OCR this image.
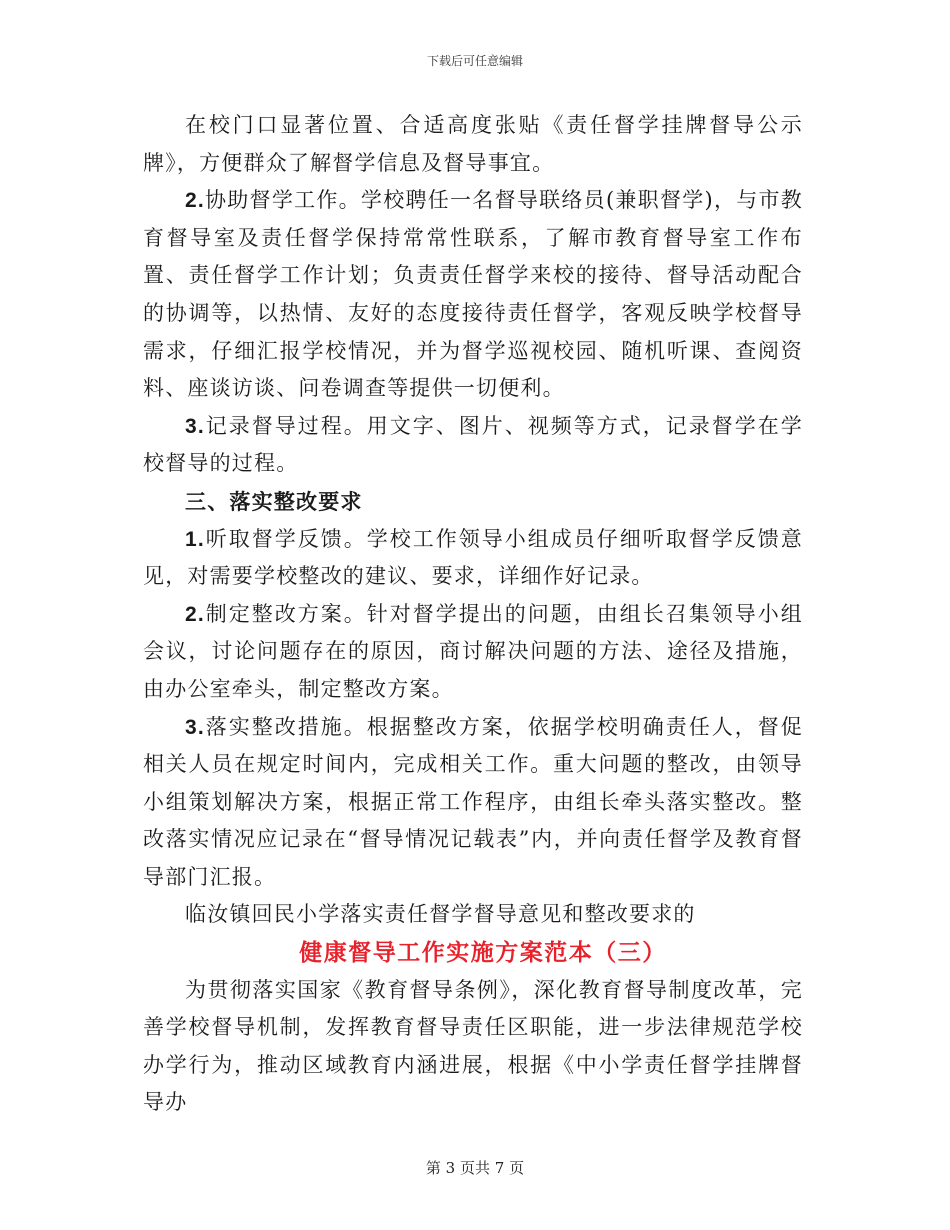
下载后可任意编辑

在校门口显著位置、合适高度张贴《责任督学挂牌督导公示牌》，方便群众了解督学信息及督导事宜。

2.协助督学工作。学校聘任一名督导联络员(兼职督学)，与市教育督导室及责任督学保持常常性联系，了解市教育督导室工作布置、责任督学工作计划；负责责任督学来校的接待、督导活动配合的协调等，以热情、友好的态度接待责任督学，客观反映学校督导需求，仔细汇报学校情况，并为督学巡视校园、随机听课、查阅资料、座谈访谈、问卷调查等提供一切便利。

3.记录督导过程。用文字、图片、视频等方式，记录督学在学校督导的过程。

三、落实整改要求

1.听取督学反馈。学校工作领导小组成员仔细听取督学反馈意见，对需要学校整改的建议、要求，详细作好记录。

2.制定整改方案。针对督学提出的问题，由组长召集领导小组会议，讨论问题存在的原因，商讨解决问题的方法、途径及措施，由办公室牵头，制定整改方案。

3.落实整改措施。根据整改方案，依据学校明确责任人，督促相关人员在规定时间内，完成相关工作。重大问题的整改，由领导小组策划解决方案，根据正常工作程序，由组长牵头落实整改。整改落实情况应记录在“督导情况记载表”内，并向责任督学及教育督导部门汇报。

临汝镇回民小学落实责任督学督导意见和整改要求的

健康督导工作实施方案范本（三）

为贯彻落实国家《教育督导条例》，深化教育督导制度改革，完善学校督导机制，发挥教育督导责任区职能，进一步法律规范学校办学行为，推动区域教育内涵进展，根据《中小学责任督学挂牌督导办

第 3 页共 7 页
